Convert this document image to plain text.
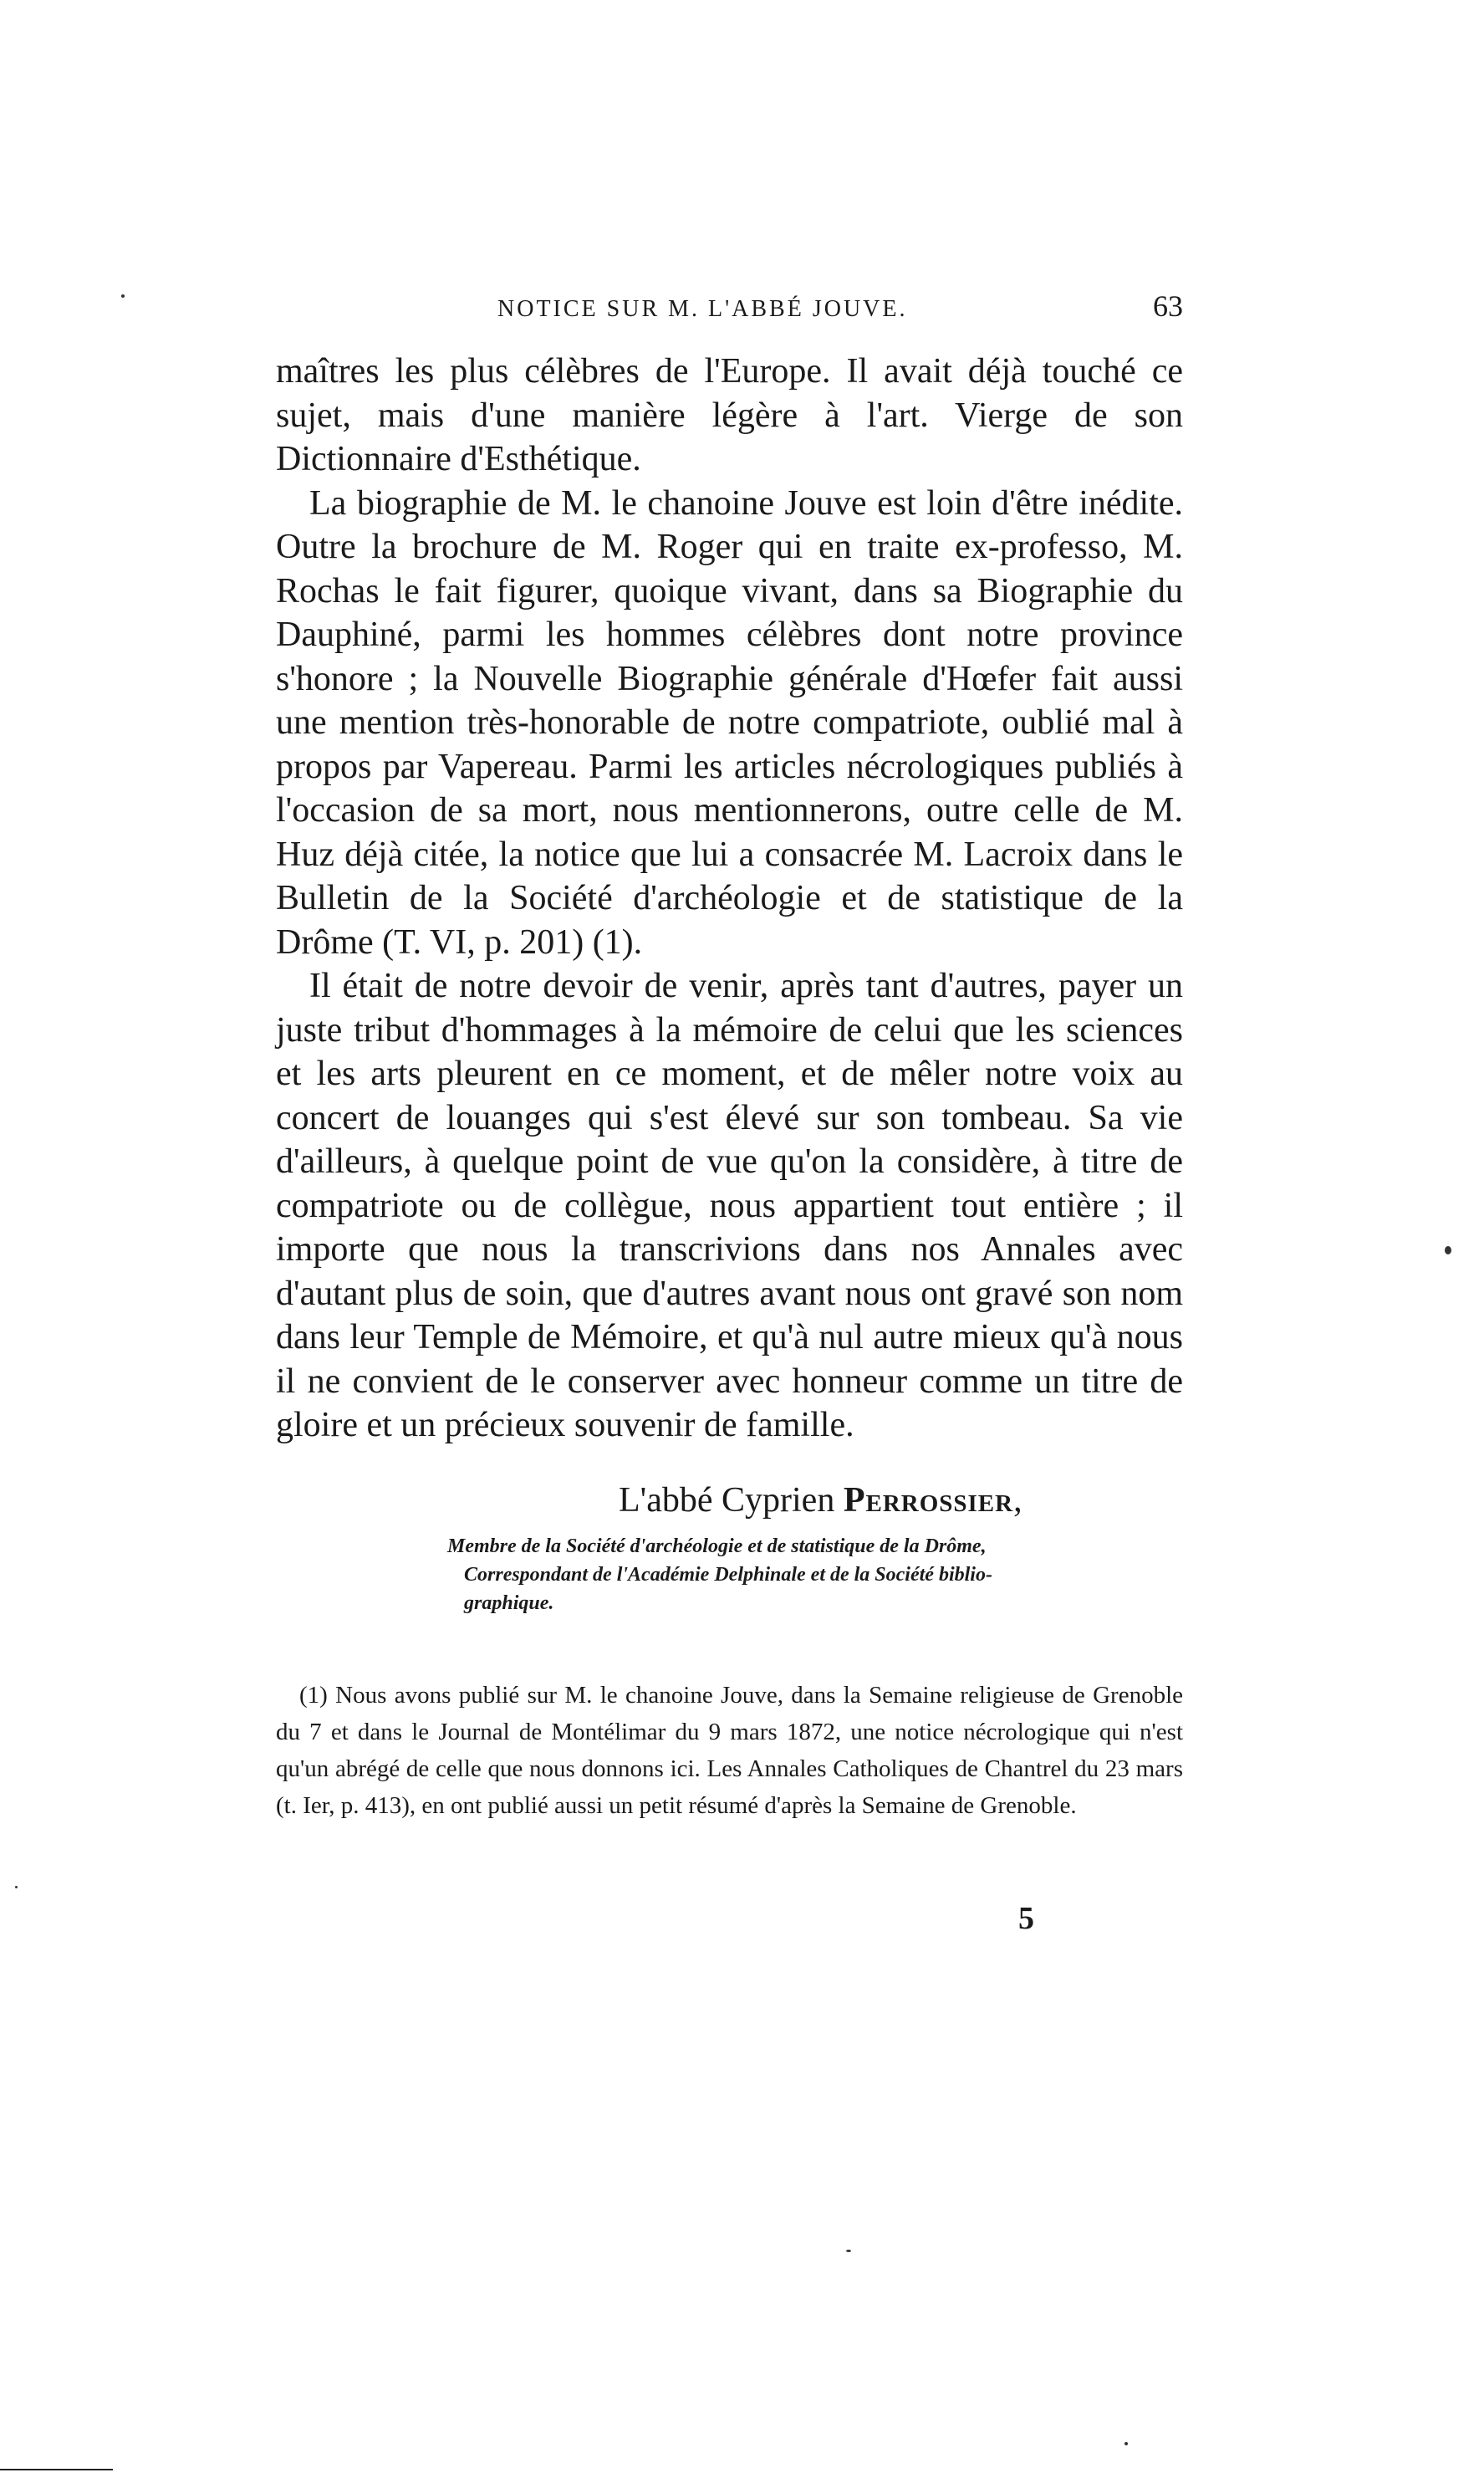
NOTICE SUR M. L'ABBÉ JOUVE.	63

maîtres les plus célèbres de l'Europe. Il avait déjà touché ce sujet, mais d'une manière légère à l'art. Vierge de son Dictionnaire d'Esthétique.

La biographie de M. le chanoine Jouve est loin d'être inédite. Outre la brochure de M. Roger qui en traite ex-professo, M. Rochas le fait figurer, quoique vivant, dans sa Biographie du Dauphiné, parmi les hommes célèbres dont notre province s'honore ; la Nouvelle Biographie générale d'Hœfer fait aussi une mention très-honorable de notre compatriote, oublié mal à propos par Vapereau. Parmi les articles nécrologiques publiés à l'occasion de sa mort, nous mentionnerons, outre celle de M. Huz déjà citée, la notice que lui a consacrée M. Lacroix dans le Bulletin de la Société d'archéologie et de statistique de la Drôme (T. VI, p. 201) (1).

Il était de notre devoir de venir, après tant d'autres, payer un juste tribut d'hommages à la mémoire de celui que les sciences et les arts pleurent en ce moment, et de mêler notre voix au concert de louanges qui s'est élevé sur son tombeau. Sa vie d'ailleurs, à quelque point de vue qu'on la considère, à titre de compatriote ou de collègue, nous appartient tout entière ; il importe que nous la transcrivions dans nos Annales avec d'autant plus de soin, que d'autres avant nous ont gravé son nom dans leur Temple de Mémoire, et qu'à nul autre mieux qu'à nous il ne convient de le conserver avec honneur comme un titre de gloire et un précieux souvenir de famille.

L'abbé Cyprien Perrossier,
Membre de la Société d'archéologie et de statistique de la Drôme,
Correspondant de l'Académie Delphinale et de la Société biblio-
graphique.
(1) Nous avons publié sur M. le chanoine Jouve, dans la Semaine religieuse de Grenoble du 7 et dans le Journal de Montélimar du 9 mars 1872, une notice nécrologique qui n'est qu'un abrégé de celle que nous donnons ici. Les Annales Catholiques de Chantrel du 23 mars (t. Ier, p. 413), en ont publié aussi un petit résumé d'après la Semaine de Grenoble.
5
